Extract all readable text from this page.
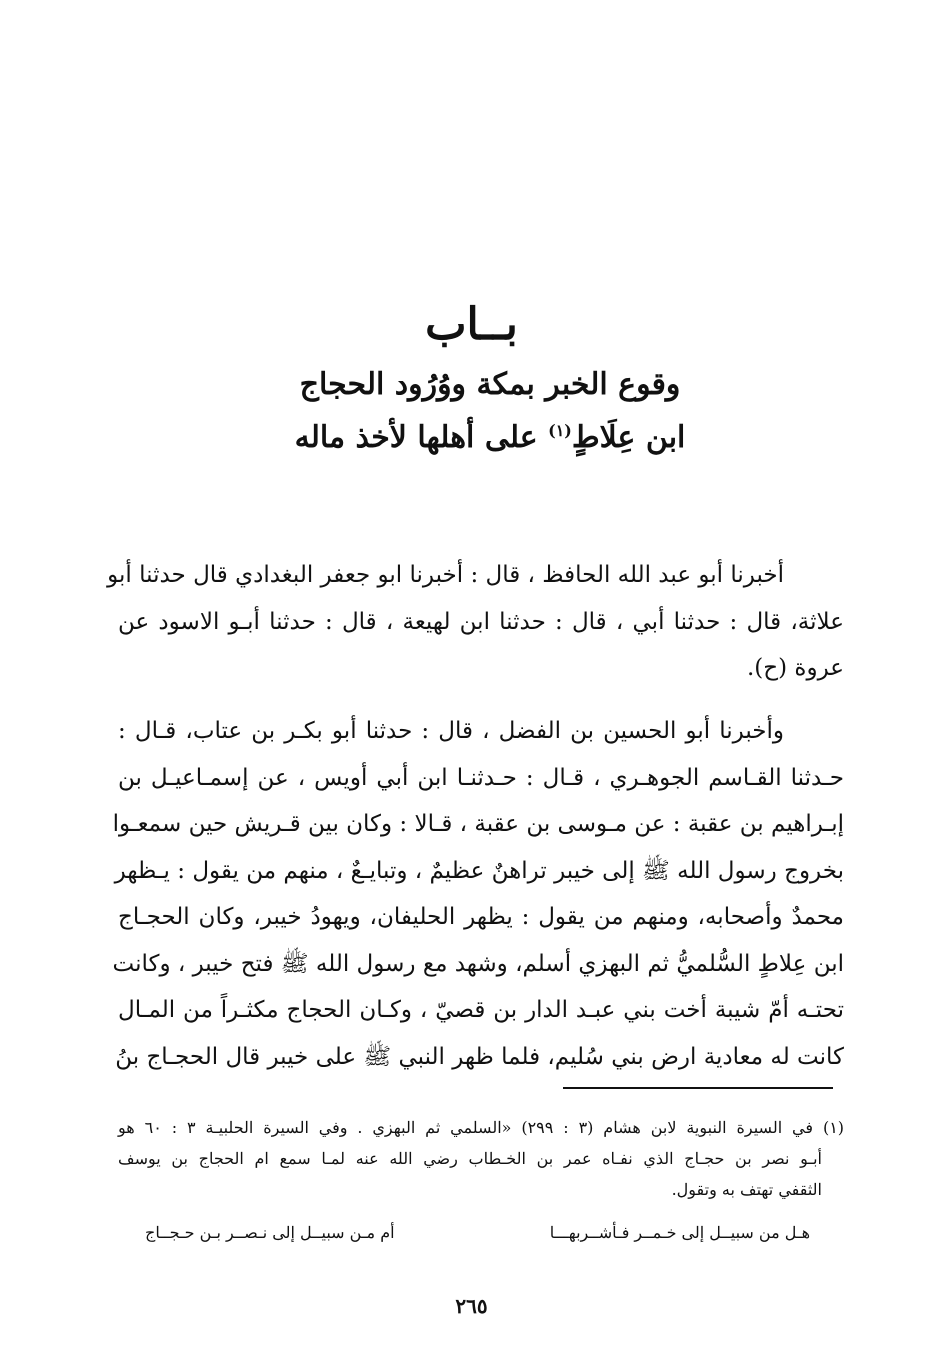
بــاب
وقوع الخبر بمكة ووُرُود الحجاج
ابن عِلَاطٍ$^{(١)}$ على أهلها لأخذ ماله
أخبرنا أبو عبد الله الحافظ ، قال : أخبرنا ابو جعفر البغدادي قال حدثنا أبو
علاثة، قال : حدثنا أبي ، قال : حدثنا ابن لهيعة ، قال : حدثنا أبـو الاسود عن
عروة (ح).
وأخبرنا أبو الحسين بن الفضل ، قال : حدثنا أبو بكـر بن عتاب، قـال :
حـدثنا القـاسم الجوهـري ، قـال : حـدثنـا ابن أبي أويس ، عن إسمـاعيـل بن
إبـراهيم بن عقبة : عن مـوسى بن عقبة ، قـالا : وكان بين قـريش حين سمعـوا
بخروج رسول الله ﷺ إلى خيبر تراهنٌ عظيمٌ ، وتبايـعٌ ، منهم من يقول : يـظهر
محمدٌ وأصحابه، ومنهم من يقول : يظهر الحليفان، ويهودُ خيبر، وكان الحجـاج
ابن عِلاطٍ السُّلميُّ ثم البهزي أسلم، وشهد مع رسول الله ﷺ فتح خيبر ، وكانت
تحتـه أمّ شيبة أخت بني عبـد الدار بن قصيّ ، وكـان الحجاج مكثـراً من المـال
كانت له معادية ارض بني سُليم، فلما ظهر النبي ﷺ على خيبر قال الحجـاج بنُ
(١) في السيرة النبوية لابن هشام (٣ : ٢٩٩) «السلمي ثم البهزي . وفي السيرة الحلبيـة ٣ : ٦٠ هو
أبـو نصر بن حجـاج الذي نفـاه عمر بن الخـطاب رضي الله عنه لمـا سمع ام الحجاج بن يوسف
الثقفي تهتف به وتقول.
هـل من سبيــل إلى خـمــر فـأشــربهـــا
أم مـن سبيــل إلى نـصــر بـن حـجــاج
٢٦٥
